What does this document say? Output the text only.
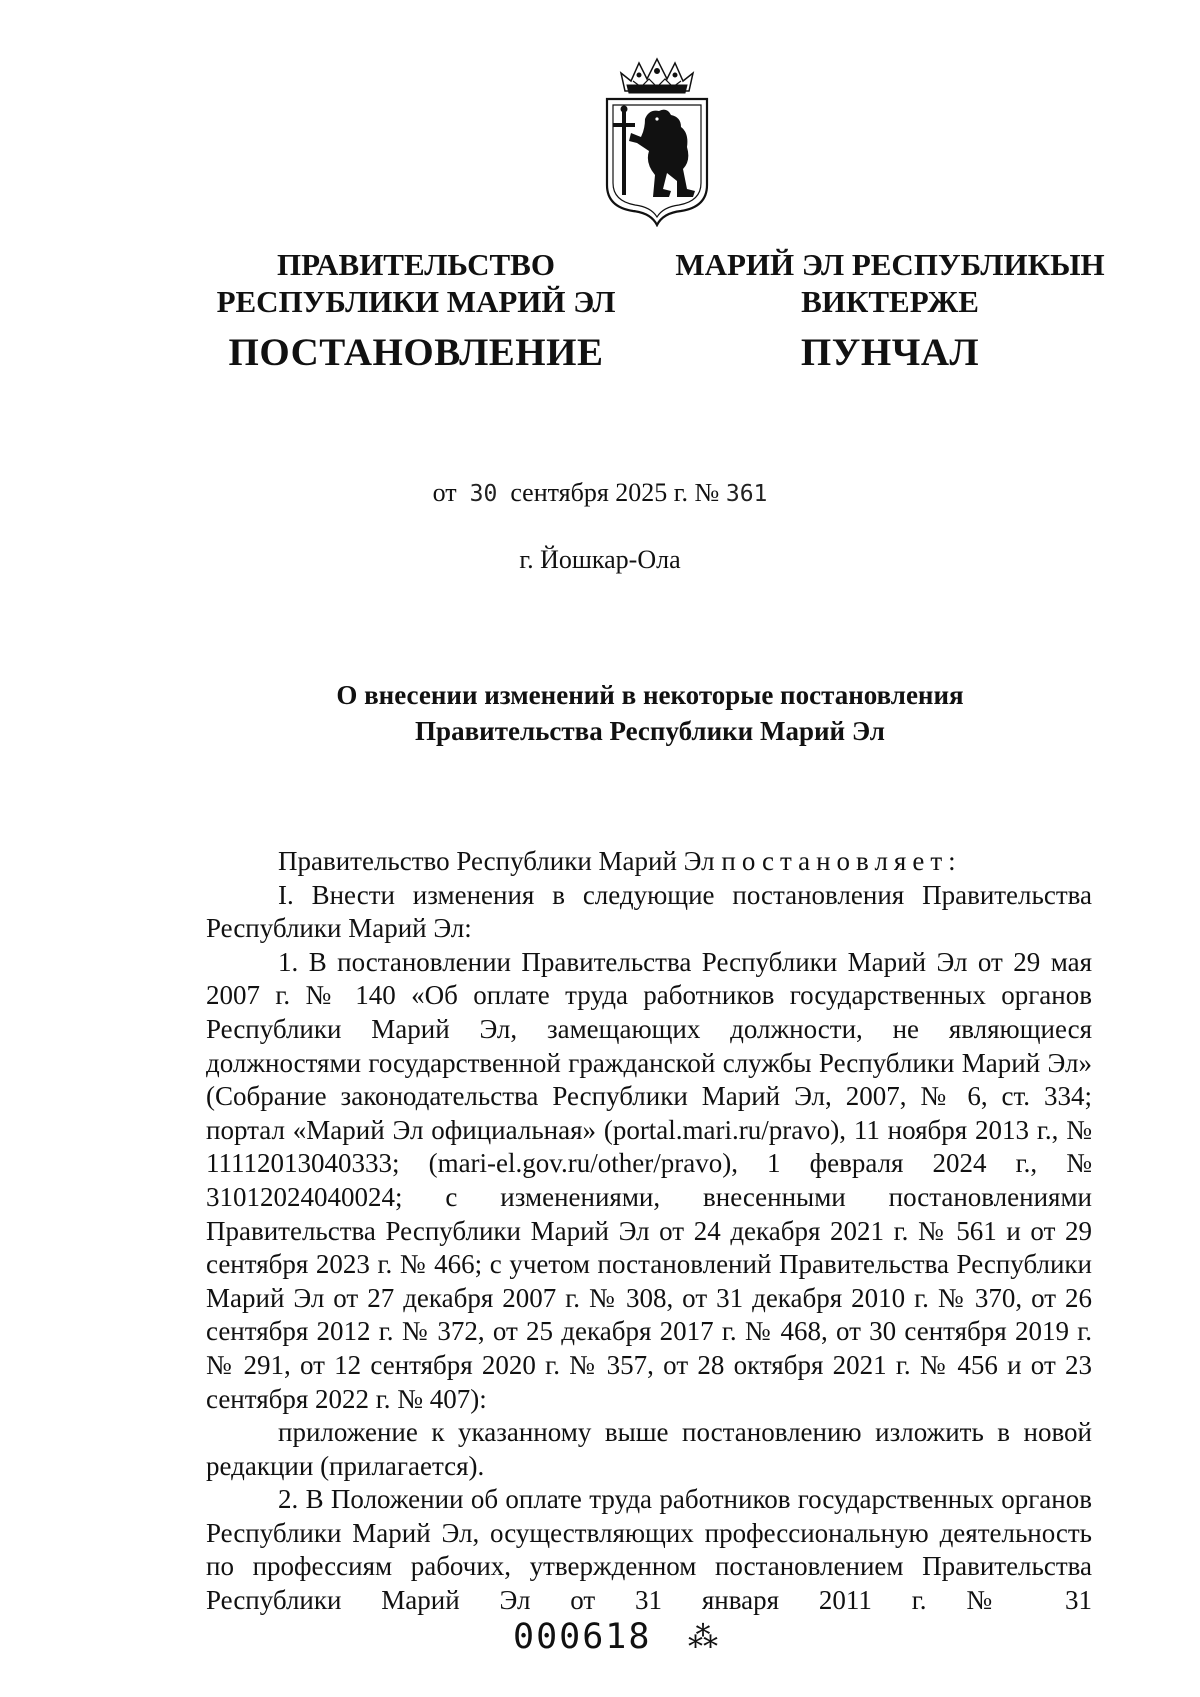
ПРАВИТЕЛЬСТВО
РЕСПУБЛИКИ МАРИЙ ЭЛ
ПОСТАНОВЛЕНИЕ
МАРИЙ ЭЛ РЕСПУБЛИКЫН
ВИКТЕРЖЕ
ПУНЧАЛ
от 30 сентября 2025 г. № 361
г. Йошкар-Ола
О внесении изменений в некоторые постановления
Правительства Республики Марий Эл

Правительство Республики Марий Эл постановляет:

I. Внести изменения в следующие постановления Правительства Республики Марий Эл:

1. В постановлении Правительства Республики Марий Эл от 29 мая 2007 г. № 140 «Об оплате труда работников государственных органов Республики Марий Эл, замещающих должности, не являющиеся должностями государственной гражданской службы Республики Марий Эл» (Собрание законодательства Республики Марий Эл, 2007, № 6, ст. 334; портал «Марий Эл официальная» (portal.mari.ru/pravo), 11 ноября 2013 г., № 11112013040333; (mari-el.gov.ru/other/pravo), 1 февраля 2024 г., № 31012024040024; с изменениями, внесенными постановлениями Правительства Республики Марий Эл от 24 декабря 2021 г. № 561 и от 29 сентября 2023 г. № 466; с учетом постановлений Правительства Республики Марий Эл от 27 декабря 2007 г. № 308, от 31 декабря 2010 г. № 370, от 26 сентября 2012 г. № 372, от 25 декабря 2017 г. № 468, от 30 сентября 2019 г. № 291, от 12 сентября 2020 г. № 357, от 28 октября 2021 г. № 456 и от 23 сентября 2022 г. № 407):

приложение к указанному выше постановлению изложить в новой редакции (прилагается).

2. В Положении об оплате труда работников государственных органов Республики Марий Эл, осуществляющих профессиональную деятельность по профессиям рабочих, утвержденном постановлением Правительства Республики Марий Эл от 31 января 2011 г. № 31

000618 ⁂
